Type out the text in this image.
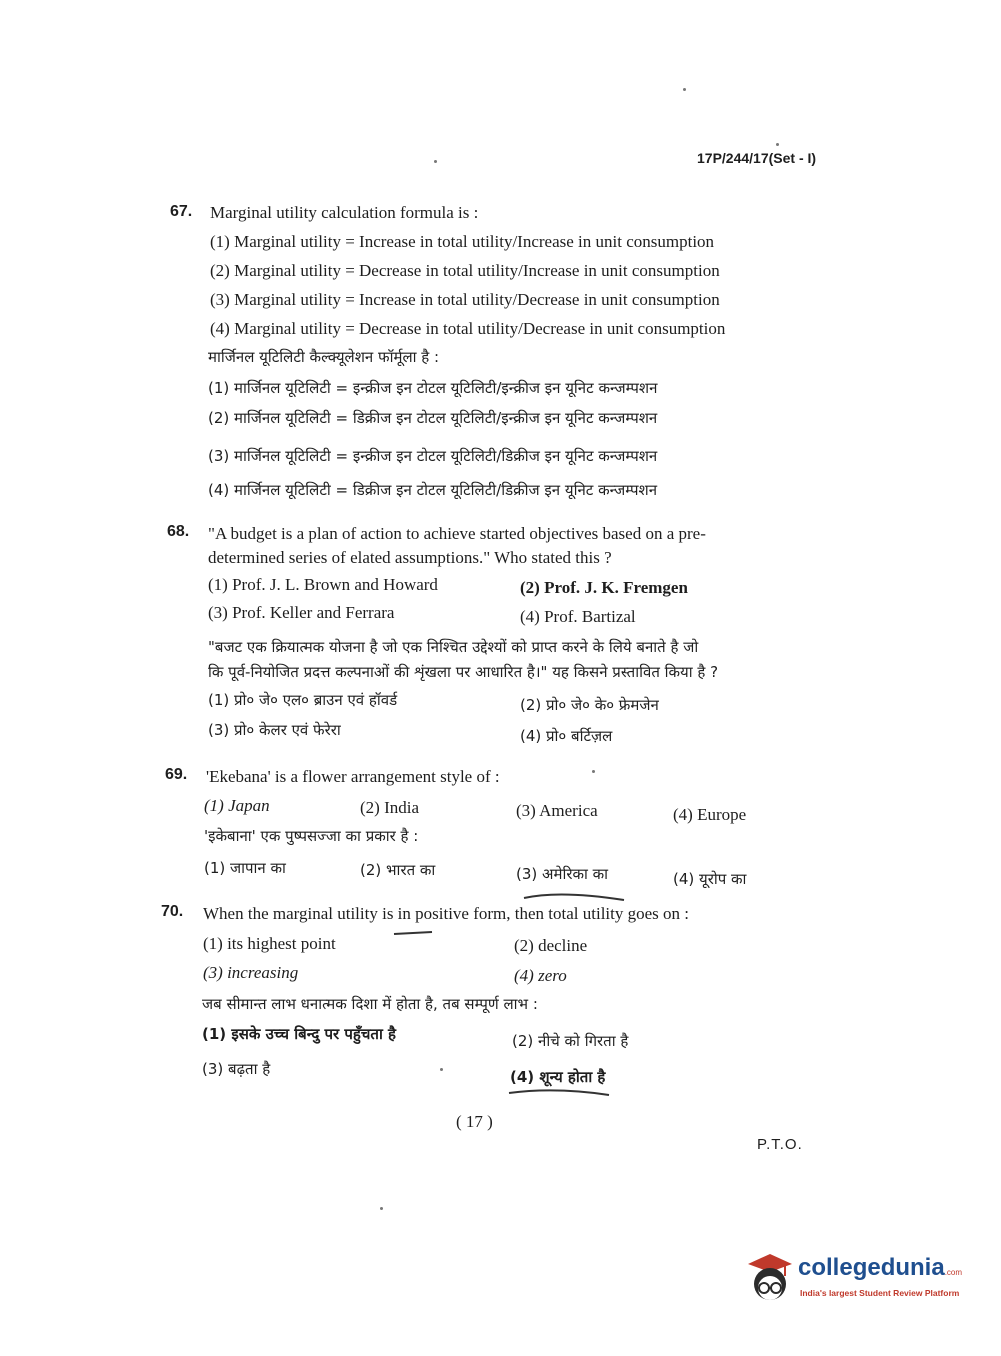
17P/244/17(Set - I)
67. Marginal utility calculation formula is :
(1) Marginal utility = Increase in total utility/Increase in unit consumption
(2) Marginal utility = Decrease in total utility/Increase in unit consumption
(3) Marginal utility = Increase in total utility/Decrease in unit consumption
(4) Marginal utility = Decrease in total utility/Decrease in unit consumption
मार्जिनल यूटिलिटी कैल्क्यूलेशन फॉर्मूला है :
(1) मार्जिनल यूटिलिटी = इन्क्रीज इन टोटल यूटिलिटी/इन्क्रीज इन यूनिट कन्जम्पशन
(2) मार्जिनल यूटिलिटी = डिक्रीज इन टोटल यूटिलिटी/इन्क्रीज इन यूनिट कन्जम्पशन
(3) मार्जिनल यूटिलिटी = इन्क्रीज इन टोटल यूटिलिटी/डिक्रीज इन यूनिट कन्जम्पशन
(4) मार्जिनल यूटिलिटी = डिक्रीज इन टोटल यूटिलिटी/डिक्रीज इन यूनिट कन्जम्पशन
68. "A budget is a plan of action to achieve started objectives based on a pre-
determined series of elated assumptions." Who stated this ?
(1) Prof. J. L. Brown and Howard	(2) Prof. J. K. Fremgen
(3) Prof. Keller and Ferrara	(4) Prof. Bartizal
"बजट एक क्रियात्मक योजना है जो एक निश्चित उद्देश्यों को प्राप्त करने के लिये बनाते है जो
कि पूर्व-नियोजित प्रदत्त कल्पनाओं की शृंखला पर आधारित है।" यह किसने प्रस्तावित किया है ?
(1) प्रो० जे० एल० ब्राउन एवं हॉवर्ड	(2) प्रो० जे० के० फ्रेमजेन
(3) प्रो० केलर एवं फेरेरा	(4) प्रो० बर्टिज़ल
69. 'Ekebana' is a flower arrangement style of :
(1) Japan	(2) India	(3) America	(4) Europe
'इकेबाना' एक पुष्पसज्जा का प्रकार है :
(1) जापान का	(2) भारत का	(3) अमेरिका का	(4) यूरोप का
70. When the marginal utility is in positive form, then total utility goes on :
(1) its highest point	(2) decline
(3) increasing	(4) zero
जब सीमान्त लाभ धनात्मक दिशा में होता है, तब सम्पूर्ण लाभ :
(1) इसके उच्च बिन्दु पर पहुँचता है	(2) नीचे को गिरता है
(3) बढ़ता है	(4) शून्य होता है
( 17 )
P.T.O.
collegedunia.com
India's largest Student Review Platform
